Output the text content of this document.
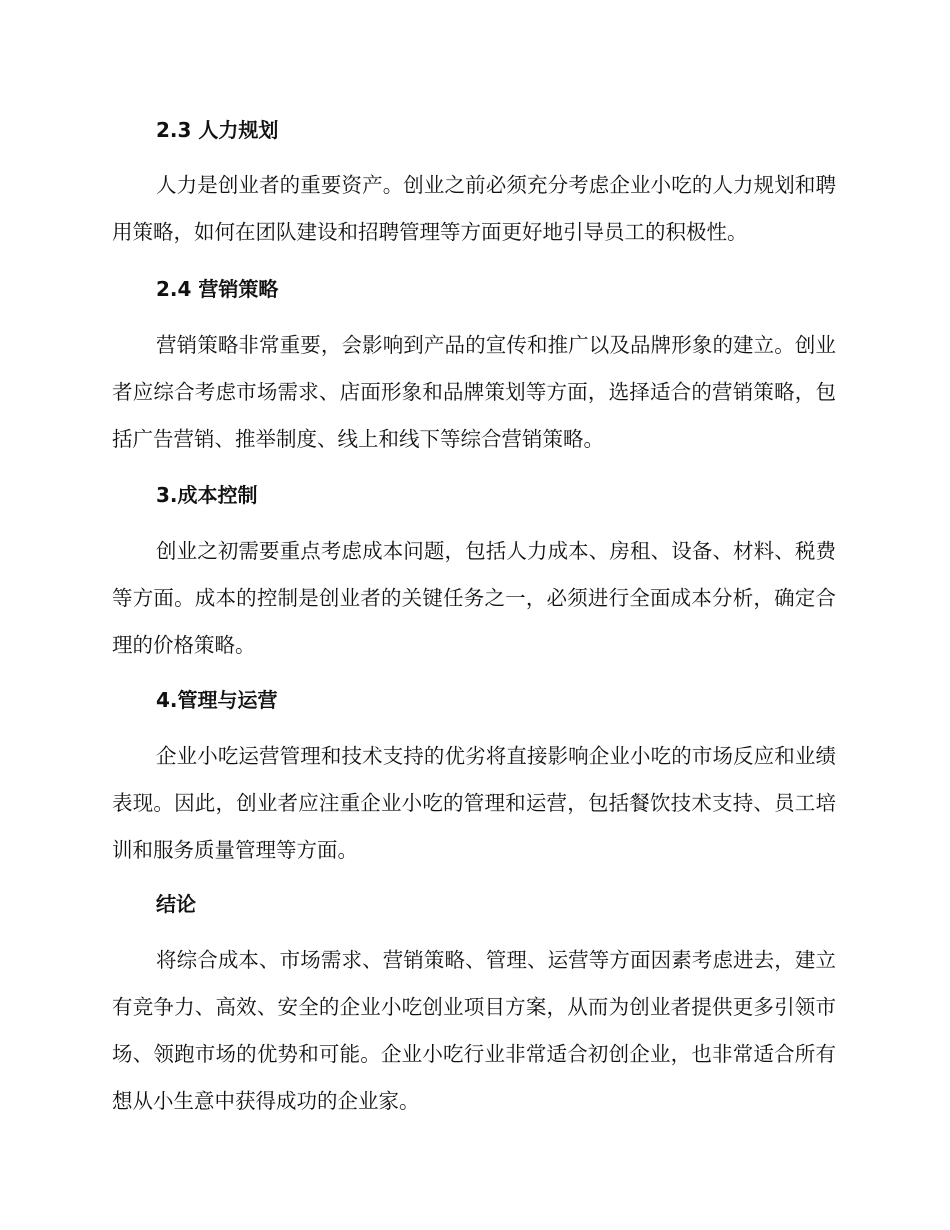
2.3 人力规划

人力是创业者的重要资产。创业之前必须充分考虑企业小吃的人力规划和聘用策略，如何在团队建设和招聘管理等方面更好地引导员工的积极性。

2.4 营销策略

营销策略非常重要，会影响到产品的宣传和推广以及品牌形象的建立。创业者应综合考虑市场需求、店面形象和品牌策划等方面，选择适合的营销策略，包括广告营销、推举制度、线上和线下等综合营销策略。

3.成本控制

创业之初需要重点考虑成本问题，包括人力成本、房租、设备、材料、税费等方面。成本的控制是创业者的关键任务之一，必须进行全面成本分析，确定合理的价格策略。

4.管理与运营

企业小吃运营管理和技术支持的优劣将直接影响企业小吃的市场反应和业绩表现。因此，创业者应注重企业小吃的管理和运营，包括餐饮技术支持、员工培训和服务质量管理等方面。

结论

将综合成本、市场需求、营销策略、管理、运营等方面因素考虑进去，建立有竞争力、高效、安全的企业小吃创业项目方案，从而为创业者提供更多引领市场、领跑市场的优势和可能。企业小吃行业非常适合初创企业，也非常适合所有想从小生意中获得成功的企业家。
